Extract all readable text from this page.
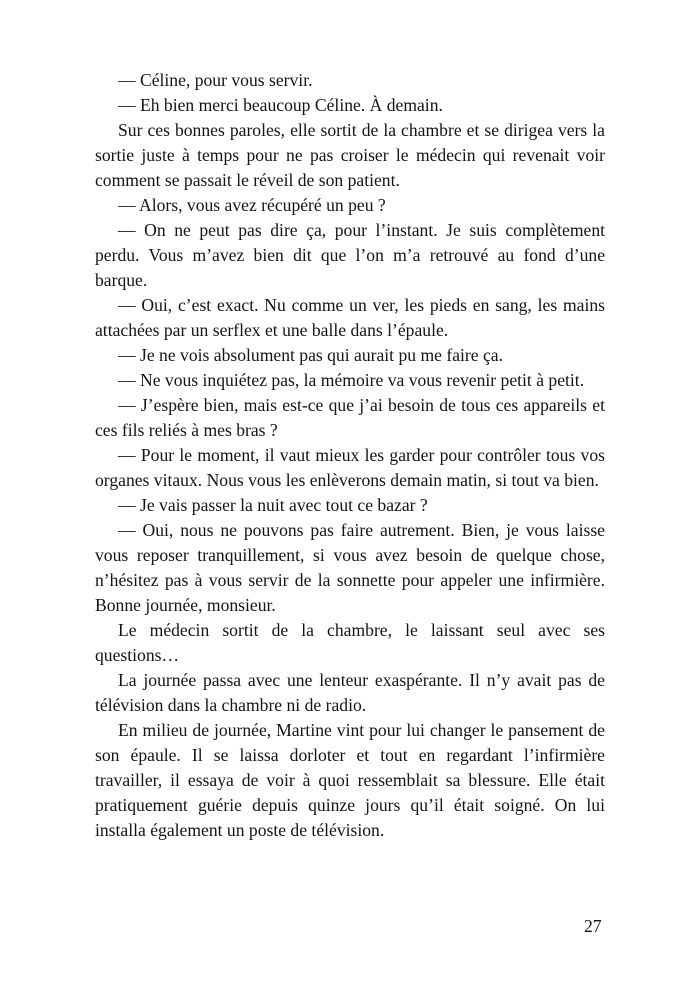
— Céline, pour vous servir.

— Eh bien merci beaucoup Céline. À demain.

Sur ces bonnes paroles, elle sortit de la chambre et se dirigea vers la sortie juste à temps pour ne pas croiser le médecin qui revenait voir comment se passait le réveil de son patient.

— Alors, vous avez récupéré un peu ?

— On ne peut pas dire ça, pour l’instant. Je suis complètement perdu. Vous m’avez bien dit que l’on m’a retrouvé au fond d’une barque.

— Oui, c’est exact. Nu comme un ver, les pieds en sang, les mains attachées par un serflex et une balle dans l’épaule.

— Je ne vois absolument pas qui aurait pu me faire ça.

— Ne vous inquiétez pas, la mémoire va vous revenir petit à petit.

— J’espère bien, mais est-ce que j’ai besoin de tous ces appareils et ces fils reliés à mes bras ?

— Pour le moment, il vaut mieux les garder pour contrôler tous vos organes vitaux. Nous vous les enlèverons demain matin, si tout va bien.

— Je vais passer la nuit avec tout ce bazar ?

— Oui, nous ne pouvons pas faire autrement. Bien, je vous laisse vous reposer tranquillement, si vous avez besoin de quelque chose, n’hésitez pas à vous servir de la sonnette pour appeler une infirmière. Bonne journée, monsieur.

Le médecin sortit de la chambre, le laissant seul avec ses questions…

La journée passa avec une lenteur exaspérante. Il n’y avait pas de télévision dans la chambre ni de radio.

En milieu de journée, Martine vint pour lui changer le pansement de son épaule. Il se laissa dorloter et tout en regardant l’infirmière travailler, il essaya de voir à quoi ressemblait sa blessure. Elle était pratiquement guérie depuis quinze jours qu’il était soigné. On lui installa également un poste de télévision.

27
